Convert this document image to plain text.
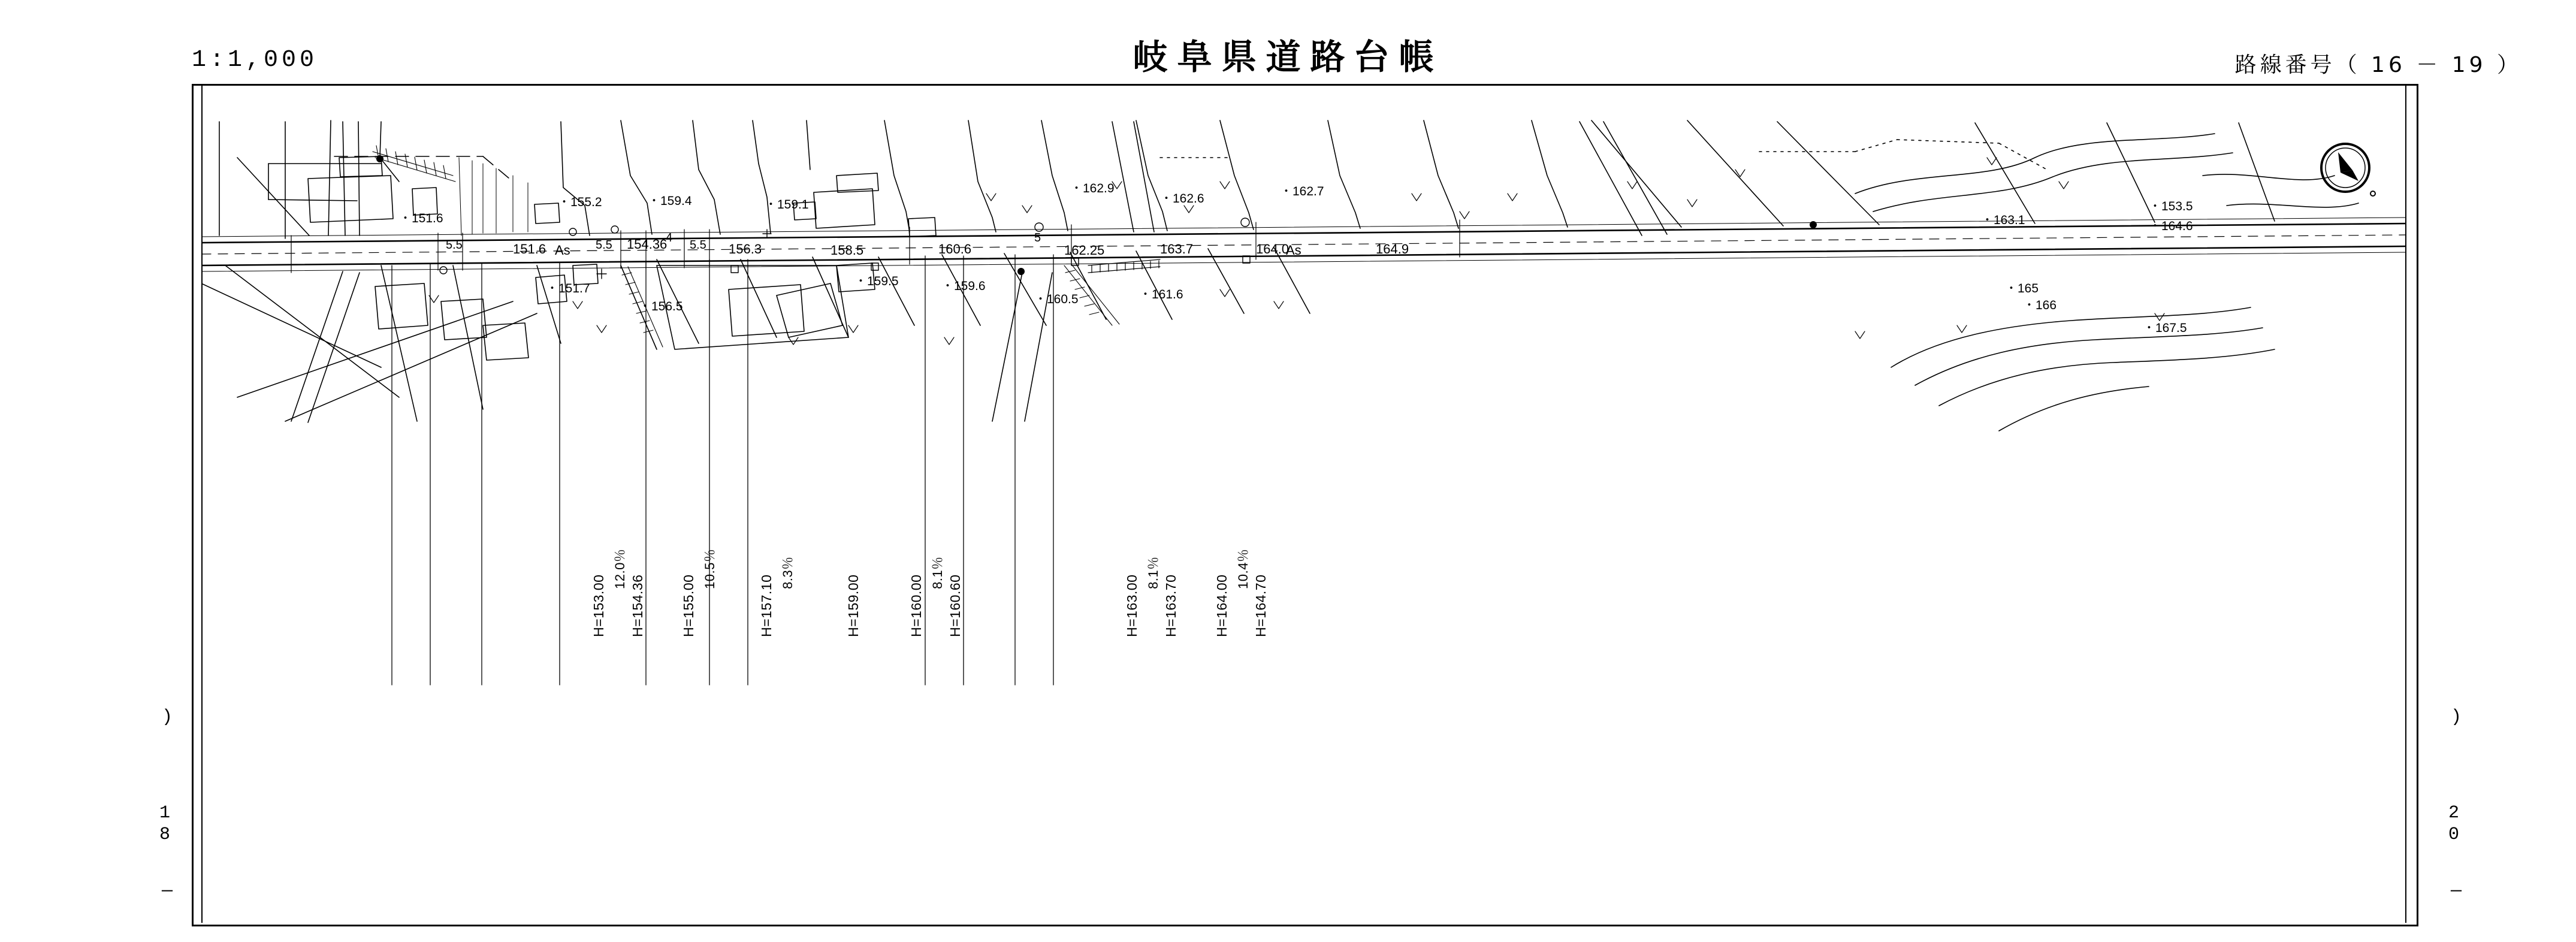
1:1,000	岐阜県道路台帳	路線番号（ 16 － 19 ）
)
18
—
)
20
—
・151.6
・155.2	・159.4	・159.1
・162.9
・162.6
・162.7
・153.5
・163.1	・164.6
・151.7
・156.5
・159.5	・159.6
・160.5	・161.6	・165
・166
・167.5
151.6	154.36	156.3	158.5	160.6	162.25	163.7	164.0	164.9
As	As
5.5	5.5	5.5
4	5
H=153.00
12.0％
H=154.36	H=155.00
10.5％
H=157.10
8.3％
H=159.00	H=160.00
8.1％
H=160.60	H=163.00
8.1％
H=163.70	H=164.00
10.4％
H=164.70
